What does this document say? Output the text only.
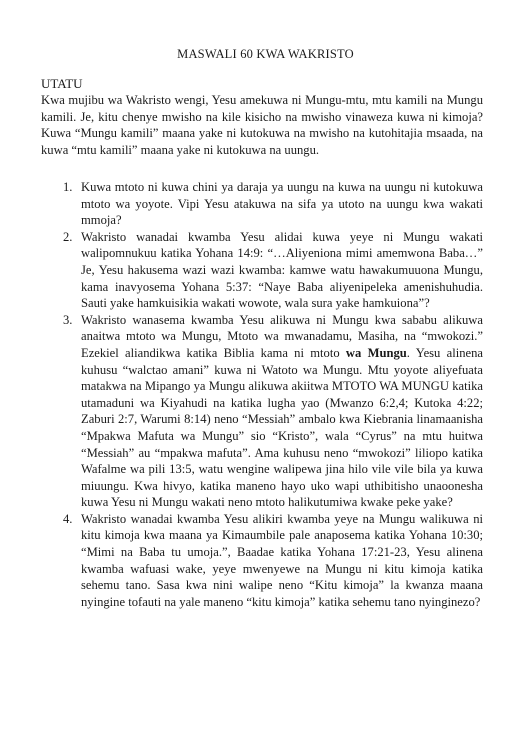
MASWALI 60 KWA WAKRISTO
UTATU

Kwa mujibu wa Wakristo wengi, Yesu amekuwa ni Mungu-mtu, mtu kamili na Mungu kamili. Je, kitu chenye mwisho na kile kisicho na mwisho vinaweza kuwa ni kimoja? Kuwa “Mungu kamili” maana yake ni kutokuwa na mwisho na kutohitajia msaada, na kuwa “mtu kamili” maana yake ni kutokuwa na uungu.

1. Kuwa mtoto ni kuwa chini ya daraja ya uungu na kuwa na uungu ni kutokuwa mtoto wa yoyote. Vipi Yesu atakuwa na sifa ya utoto na uungu kwa wakati mmoja?
2. Wakristo wanadai kwamba Yesu alidai kuwa yeye ni Mungu wakati walipomnukuu katika Yohana 14:9: “…Aliyeniona mimi amemwona Baba…” Je, Yesu hakusema wazi wazi kwamba: kamwe watu hawakumuuona Mungu, kama inavyosema Yohana 5:37: “Naye Baba aliyenipeleka amenishuhudia. Sauti yake hamkuisikia wakati wowote, wala sura yake hamkuiona”?
3. Wakristo wanasema kwamba Yesu alikuwa ni Mungu kwa sababu alikuwa anaitwa mtoto wa Mungu, Mtoto wa mwanadamu, Masiha, na “mwokozi.” Ezekiel aliandikwa katika Biblia kama ni mtoto wa Mungu. Yesu alinena kuhusu “walctao amani” kuwa ni Watoto wa Mungu. Mtu yoyote aliyefuata matakwa na Mipango ya Mungu alikuwa akiitwa MTOTO WA MUNGU katika utamaduni wa Kiyahudi na katika lugha yao (Mwanzo 6:2,4; Kutoka 4:22; Zaburi 2:7, Warumi 8:14) neno “Messiah” ambalo kwa Kiebrania linamaanisha “Mpakwa Mafuta wa Mungu” sio “Kristo”, wala “Cyrus” na mtu huitwa “Messiah” au “mpakwa mafuta”. Ama kuhusu neno “mwokozi” liliopo katika Wafalme wa pili 13:5, watu wengine walipewa jina hilo vile vile bila ya kuwa miuungu. Kwa hivyo, katika maneno hayo uko wapi uthibitisho unaoonesha kuwa Yesu ni Mungu wakati neno mtoto halikutumiwa kwake peke yake?
4. Wakristo wanadai kwamba Yesu alikiri kwamba yeye na Mungu walikuwa ni kitu kimoja kwa maana ya Kimaumbile pale anaposema katika Yohana 10:30; “Mimi na Baba tu umoja.”, Baadae katika Yohana 17:21-23, Yesu alinena kwamba wafuasi wake, yeye mwenyewe na Mungu ni kitu kimoja katika sehemu tano. Sasa kwa nini walipe neno “Kitu kimoja” la kwanza maana nyingine tofauti na yale maneno “kitu kimoja” katika sehemu tano nyinginezo?
